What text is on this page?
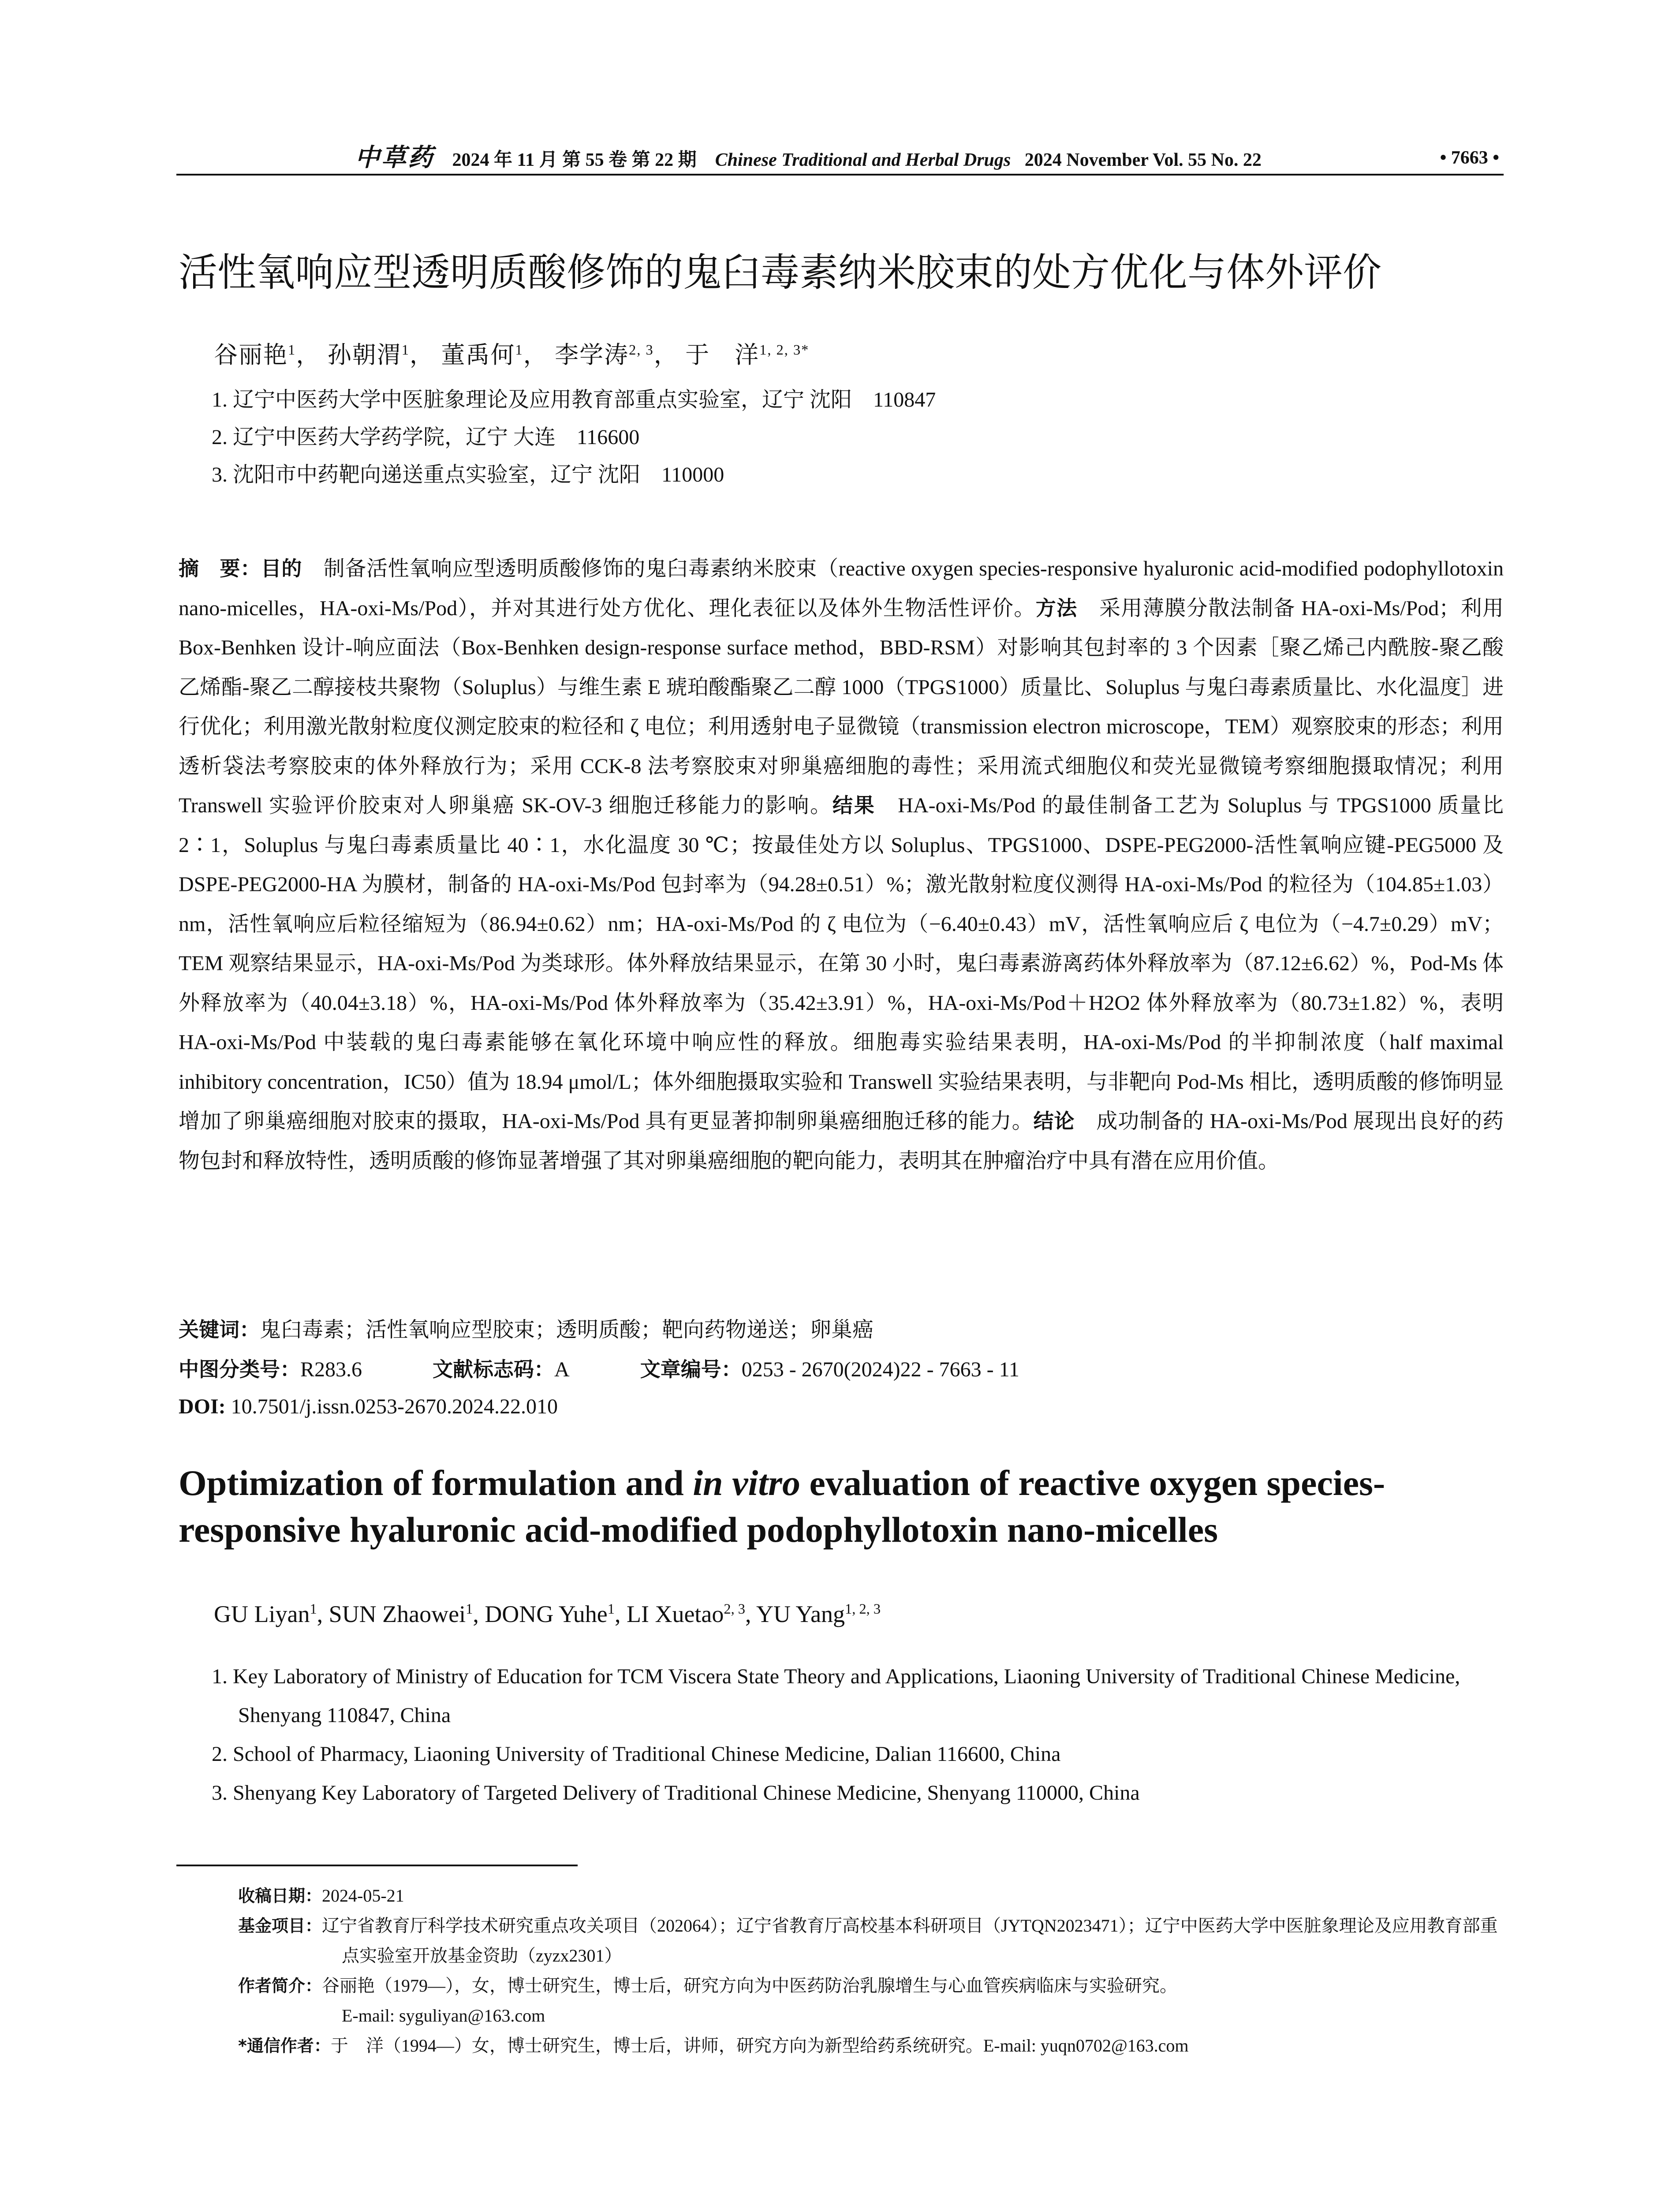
中草药 2024 年 11 月 第 55 卷 第 22 期 Chinese Traditional and Herbal Drugs 2024 November Vol. 55 No. 22	• 7663 •
活性氧响应型透明质酸修饰的鬼臼毒素纳米胶束的处方优化与体外评价
谷丽艳$^1$， 孙朝渭$^1$， 董禹何$^1$， 李学涛$^{2, 3}$， 于　洋$^{1, 2, 3*}$
1. 辽宁中医药大学中医脏象理论及应用教育部重点实验室，辽宁 沈阳　110847
2. 辽宁中医药大学药学院，辽宁 大连　116600
3. 沈阳市中药靶向递送重点实验室，辽宁 沈阳　110000
摘　要：目的　制备活性氧响应型透明质酸修饰的鬼臼毒素纳米胶束（reactive oxygen species-responsive hyaluronic acid-modified podophyllotoxin nano-micelles，HA-oxi-Ms/Pod），并对其进行处方优化、理化表征以及体外生物活性评价。方法　采用薄膜分散法制备 HA-oxi-Ms/Pod；利用 Box-Benhken 设计-响应面法（Box-Benhken design-response surface method，BBD-RSM）对影响其包封率的 3 个因素［聚乙烯己内酰胺-聚乙酸乙烯酯-聚乙二醇接枝共聚物（Soluplus）与维生素 E 琥珀酸酯聚乙二醇 1000（TPGS1000）质量比、Soluplus 与鬼臼毒素质量比、水化温度］进行优化；利用激光散射粒度仪测定胶束的粒径和 ζ 电位；利用透射电子显微镜（transmission electron microscope，TEM）观察胶束的形态；利用透析袋法考察胶束的体外释放行为；采用 CCK-8 法考察胶束对卵巢癌细胞的毒性；采用流式细胞仪和荧光显微镜考察细胞摄取情况；利用 Transwell 实验评价胶束对人卵巢癌 SK-OV-3 细胞迁移能力的影响。结果　HA-oxi-Ms/Pod 的最佳制备工艺为 Soluplus 与 TPGS1000 质量比 2∶1，Soluplus 与鬼臼毒素质量比 40∶1，水化温度 30 ℃；按最佳处方以 Soluplus、TPGS1000、DSPE-PEG2000-活性氧响应键-PEG5000 及 DSPE-PEG2000-HA 为膜材，制备的 HA-oxi-Ms/Pod 包封率为（94.28±0.51）%；激光散射粒度仪测得 HA-oxi-Ms/Pod 的粒径为（104.85±1.03）nm，活性氧响应后粒径缩短为（86.94±0.62）nm；HA-oxi-Ms/Pod 的 ζ 电位为（−6.40±0.43）mV，活性氧响应后 ζ 电位为（−4.7±0.29）mV；TEM 观察结果显示，HA-oxi-Ms/Pod 为类球形。体外释放结果显示，在第 30 小时，鬼臼毒素游离药体外释放率为（87.12±6.62）%，Pod-Ms 体外释放率为（40.04±3.18）%，HA-oxi-Ms/Pod 体外释放率为（35.42±3.91）%，HA-oxi-Ms/Pod＋H2O2 体外释放率为（80.73±1.82）%，表明 HA-oxi-Ms/Pod 中装载的鬼臼毒素能够在氧化环境中响应性的释放。细胞毒实验结果表明，HA-oxi-Ms/Pod 的半抑制浓度（half maximal inhibitory concentration，IC50）值为 18.94 μmol/L；体外细胞摄取实验和 Transwell 实验结果表明，与非靶向 Pod-Ms 相比，透明质酸的修饰明显增加了卵巢癌细胞对胶束的摄取，HA-oxi-Ms/Pod 具有更显著抑制卵巢癌细胞迁移的能力。结论　成功制备的 HA-oxi-Ms/Pod 展现出良好的药物包封和释放特性，透明质酸的修饰显著增强了其对卵巢癌细胞的靶向能力，表明其在肿瘤治疗中具有潜在应用价值。
关键词：鬼臼毒素；活性氧响应型胶束；透明质酸；靶向药物递送；卵巢癌
中图分类号：R283.6	文献标志码：A	文章编号：0253 - 2670(2024)22 - 7663 - 11
DOI: 10.7501/j.issn.0253-2670.2024.22.010
Optimization of formulation and in vitro evaluation of reactive oxygen species-responsive hyaluronic acid-modified podophyllotoxin nano-micelles
GU Liyan$^1$, SUN Zhaowei$^1$, DONG Yuhe$^1$, LI Xuetao$^{2, 3}$, YU Yang$^{1, 2, 3}$
1. Key Laboratory of Ministry of Education for TCM Viscera State Theory and Applications, Liaoning University of Traditional Chinese Medicine, Shenyang 110847, China
2. School of Pharmacy, Liaoning University of Traditional Chinese Medicine, Dalian 116600, China
3. Shenyang Key Laboratory of Targeted Delivery of Traditional Chinese Medicine, Shenyang 110000, China
收稿日期：2024-05-21
基金项目：辽宁省教育厅科学技术研究重点攻关项目（202064）；辽宁省教育厅高校基本科研项目（JYTQN2023471）；辽宁中医药大学中医脏象理论及应用教育部重点实验室开放基金资助（zyzx2301）
作者简介：谷丽艳（1979—），女，博士研究生，博士后，研究方向为中医药防治乳腺增生与心血管疾病临床与实验研究。
E-mail: syguliyan@163.com
*通信作者：于　洋（1994—）女，博士研究生，博士后，讲师，研究方向为新型给药系统研究。E-mail: yuqn0702@163.com
